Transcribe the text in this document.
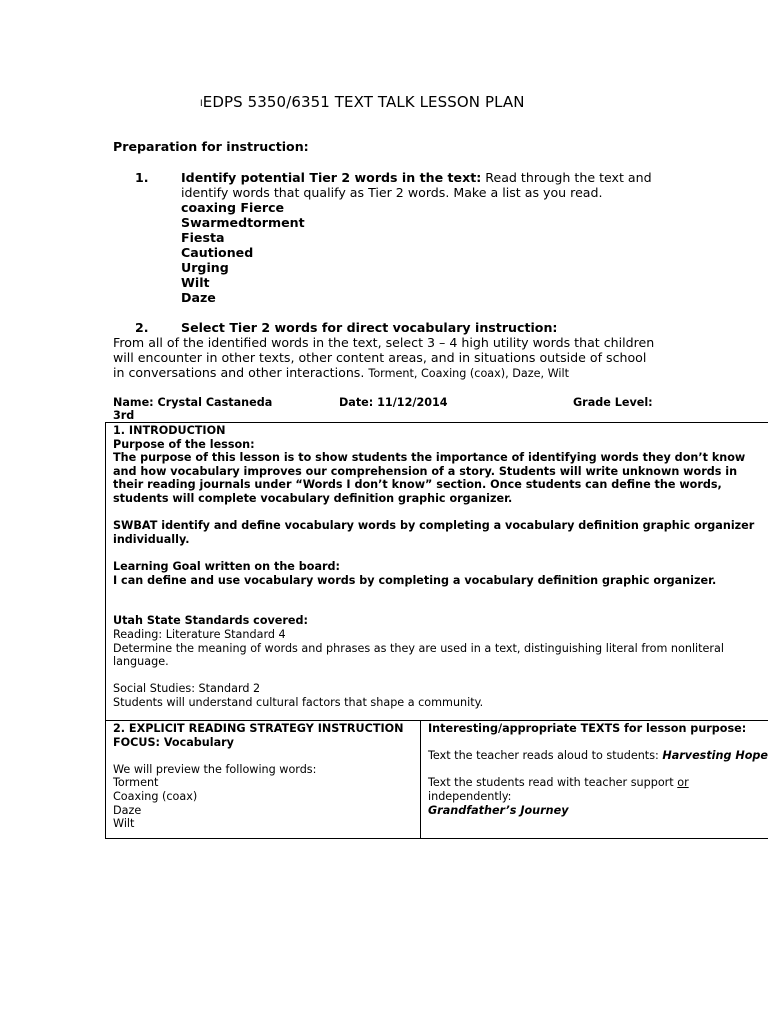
IEDPS 5350/6351 TEXT TALK LESSON PLAN
Preparation for instruction:
1.	Identify potential Tier 2 words in the text: Read through the text and
identify words that qualify as Tier 2 words. Make a list as you read.
coaxing Fierce
Swarmedtorment
Fiesta
Cautioned
Urging
Wilt
Daze
2.	Select Tier 2 words for direct vocabulary instruction:
From all of the identified words in the text, select 3 – 4 high utility words that children
will encounter in other texts, other content areas, and in situations outside of school
in conversations and other interactions. Torment, Coaxing (coax), Daze, Wilt
Name: Crystal Castaneda	Date: 11/12/2014	Grade Level:
3rd
1. INTRODUCTION
Purpose of the lesson:
The purpose of this lesson is to show students the importance of identifying words they don’t know
and how vocabulary improves our comprehension of a story. Students will write unknown words in
their reading journals under “Words I don’t know” section. Once students can define the words,
students will complete vocabulary definition graphic organizer.
SWBAT identify and define vocabulary words by completing a vocabulary definition graphic organizer
individually.
Learning Goal written on the board:
I can define and use vocabulary words by completing a vocabulary definition graphic organizer.
Utah State Standards covered:
Reading: Literature Standard 4
Determine the meaning of words and phrases as they are used in a text, distinguishing literal from nonliteral
language.
Social Studies: Standard 2
Students will understand cultural factors that shape a community.

2. EXPLICIT READING STRATEGY INSTRUCTION
FOCUS: Vocabulary
We will preview the following words:
Torment
Coaxing (coax)
Daze
Wilt

Interesting/appropriate TEXTS for lesson purpose:
Text the teacher reads aloud to students: Harvesting Hope
Text the students read with teacher support or
independently:
Grandfather’s Journey
